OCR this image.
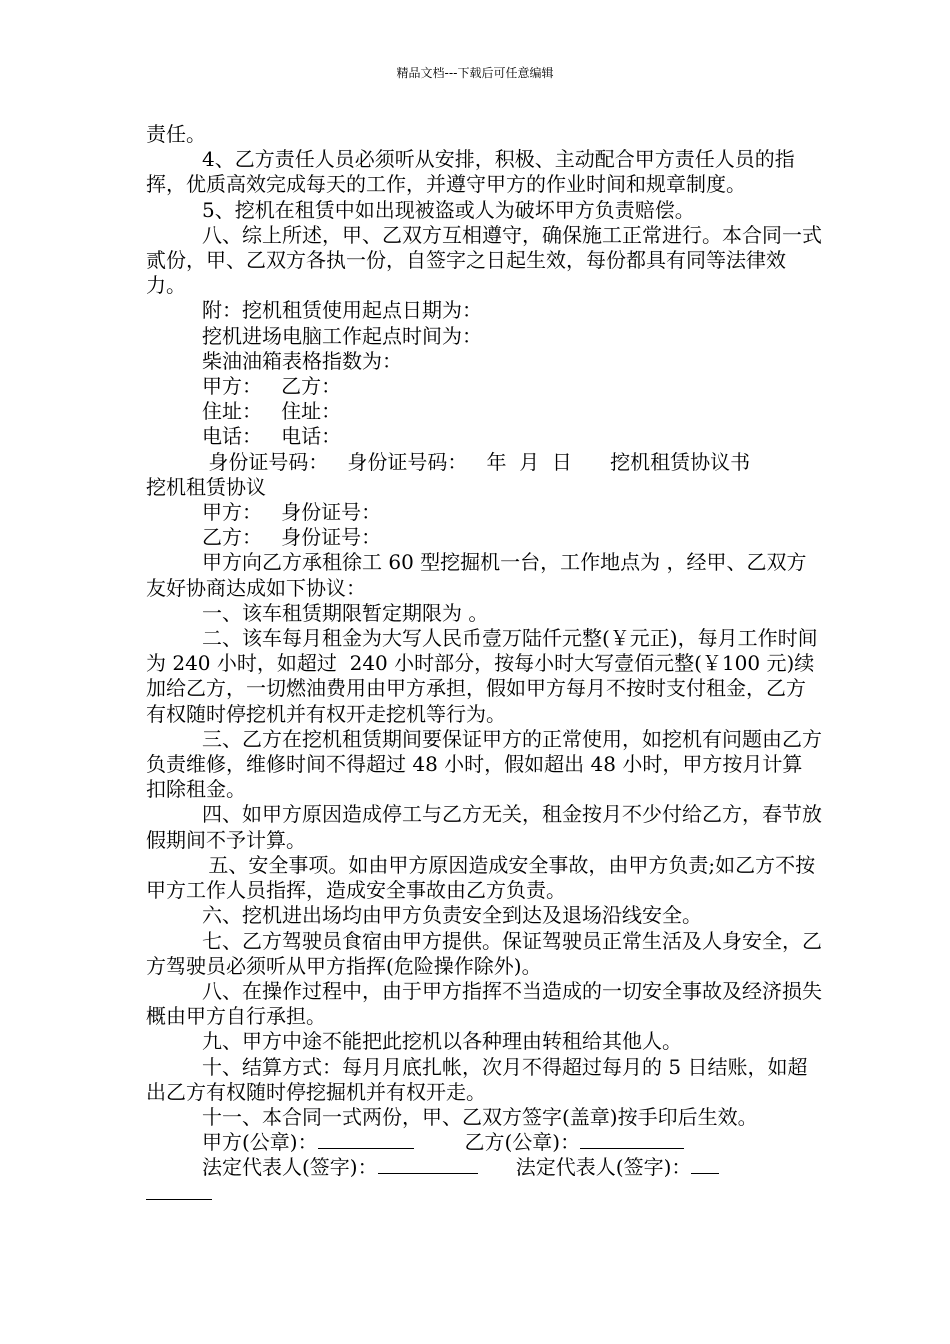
精品文档---下载后可任意编辑

责任。

4、乙方责任人员必须听从安排，积极、主动配合甲方责任人员的指挥，优质高效完成每天的工作，并遵守甲方的作业时间和规章制度。

5、挖机在租赁中如出现被盗或人为破坏甲方负责赔偿。

八、综上所述，甲、乙双方互相遵守，确保施工正常进行。本合同一式贰份，甲、乙双方各执一份，自签字之日起生效，每份都具有同等法律效力。

附：挖机租赁使用起点日期为：

挖机进场电脑工作起点时间为：

柴油油箱表格指数为：

甲方：   乙方：

住址：   住址：

电话：   电话：

身份证号码：   身份证号码：   年  月  日      挖机租赁协议书

挖机租赁协议

甲方：   身份证号：

乙方：   身份证号：

甲方向乙方承租徐工 60 型挖掘机一台，工作地点为 ，经甲、乙双方友好协商达成如下协议：

一、该车租赁期限暂定期限为 。

二、该车每月租金为大写人民币壹万陆仟元整(￥元正)，每月工作时间为 240 小时，如超过  240 小时部分，按每小时大写壹佰元整(￥100 元)续加给乙方，一切燃油费用由甲方承担，假如甲方每月不按时支付租金，乙方有权随时停挖机并有权开走挖机等行为。

三、乙方在挖机租赁期间要保证甲方的正常使用，如挖机有问题由乙方负责维修，维修时间不得超过 48 小时，假如超出 48 小时，甲方按月计算扣除租金。

四、如甲方原因造成停工与乙方无关，租金按月不少付给乙方，春节放假期间不予计算。

五、安全事项。如由甲方原因造成安全事故，由甲方负责;如乙方不按甲方工作人员指挥，造成安全事故由乙方负责。

六、挖机进出场均由甲方负责安全到达及退场沿线安全。

七、乙方驾驶员食宿由甲方提供。保证驾驶员正常生活及人身安全，乙方驾驶员必须听从甲方指挥(危险操作除外)。

八、在操作过程中，由于甲方指挥不当造成的一切安全事故及经济损失概由甲方自行承担。

九、甲方中途不能把此挖机以各种理由转租给其他人。

十、结算方式：每月月底扎帐，次月不得超过每月的 5 日结账，如超出乙方有权随时停挖掘机并有权开走。

十一、本合同一式两份，甲、乙双方签字(盖章)按手印后生效。

甲方(公章)：	乙方(公章)：

法定代表人(签字)：	法定代表人(签字)：
